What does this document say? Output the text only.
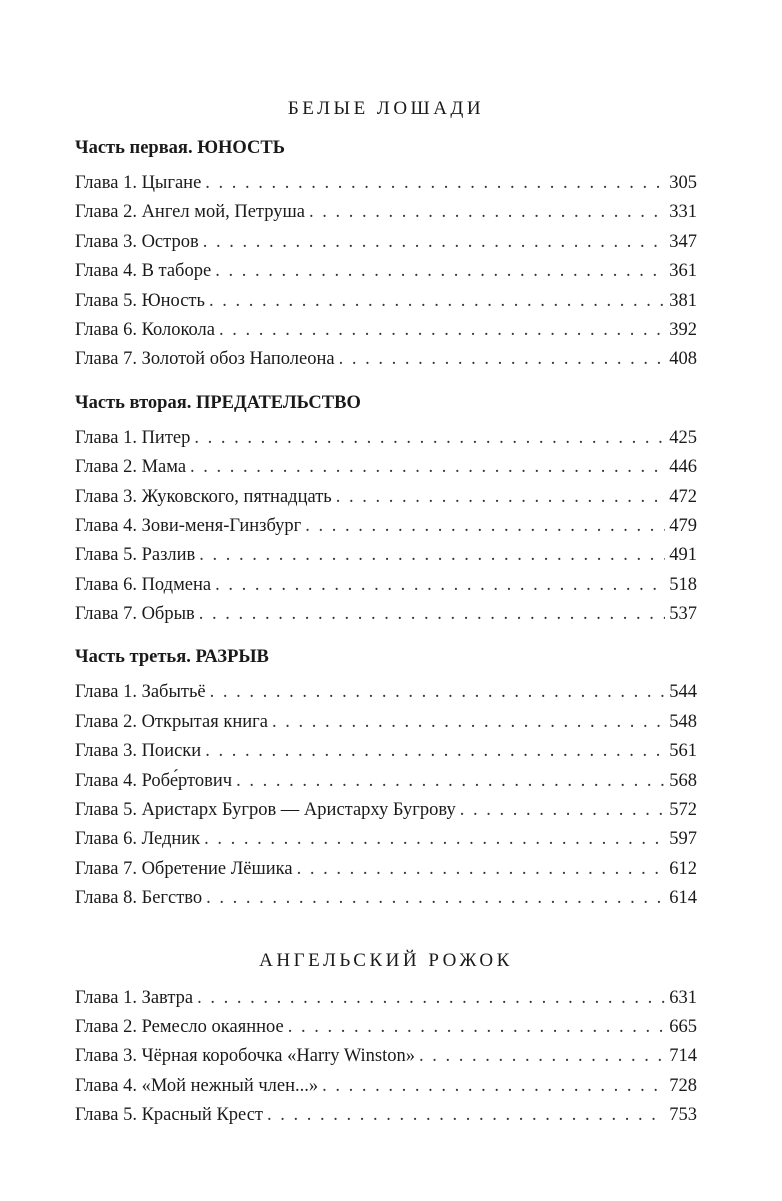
БЕЛЫЕ ЛОШАДИ
Часть первая. ЮНОСТЬ
Глава 1. Цыгане . . .	305
Глава 2. Ангел мой, Петруша . . .	331
Глава 3. Остров . . .	347
Глава 4. В таборе . . .	361
Глава 5. Юность . . .	381
Глава 6. Колокола . . .	392
Глава 7. Золотой обоз Наполеона . . .	408
Часть вторая. ПРЕДАТЕЛЬСТВО
Глава 1. Питер . . .	425
Глава 2. Мама . . .	446
Глава 3. Жуковского, пятнадцать . . .	472
Глава 4. Зови-меня-Гинзбург . . .	479
Глава 5. Разлив . . .	491
Глава 6. Подмена . . .	518
Глава 7. Обрыв . . .	537
Часть третья. РАЗРЫВ
Глава 1. Забытьё . . .	544
Глава 2. Открытая книга . . .	548
Глава 3. Поиски . . .	561
Глава 4. Робе́ртович . . .	568
Глава 5. Аристарх Бугров — Аристарху Бугрову . . .	572
Глава 6. Ледник . . .	597
Глава 7. Обретение Лёшика . . .	612
Глава 8. Бегство . . .	614
АНГЕЛЬСКИЙ РОЖОК
Глава 1. Завтра . . .	631
Глава 2. Ремесло окаянное . . .	665
Глава 3. Чёрная коробочка «Harry Winston» . . .	714
Глава 4. «Мой нежный член...» . . .	728
Глава 5. Красный Крест . . .	753
